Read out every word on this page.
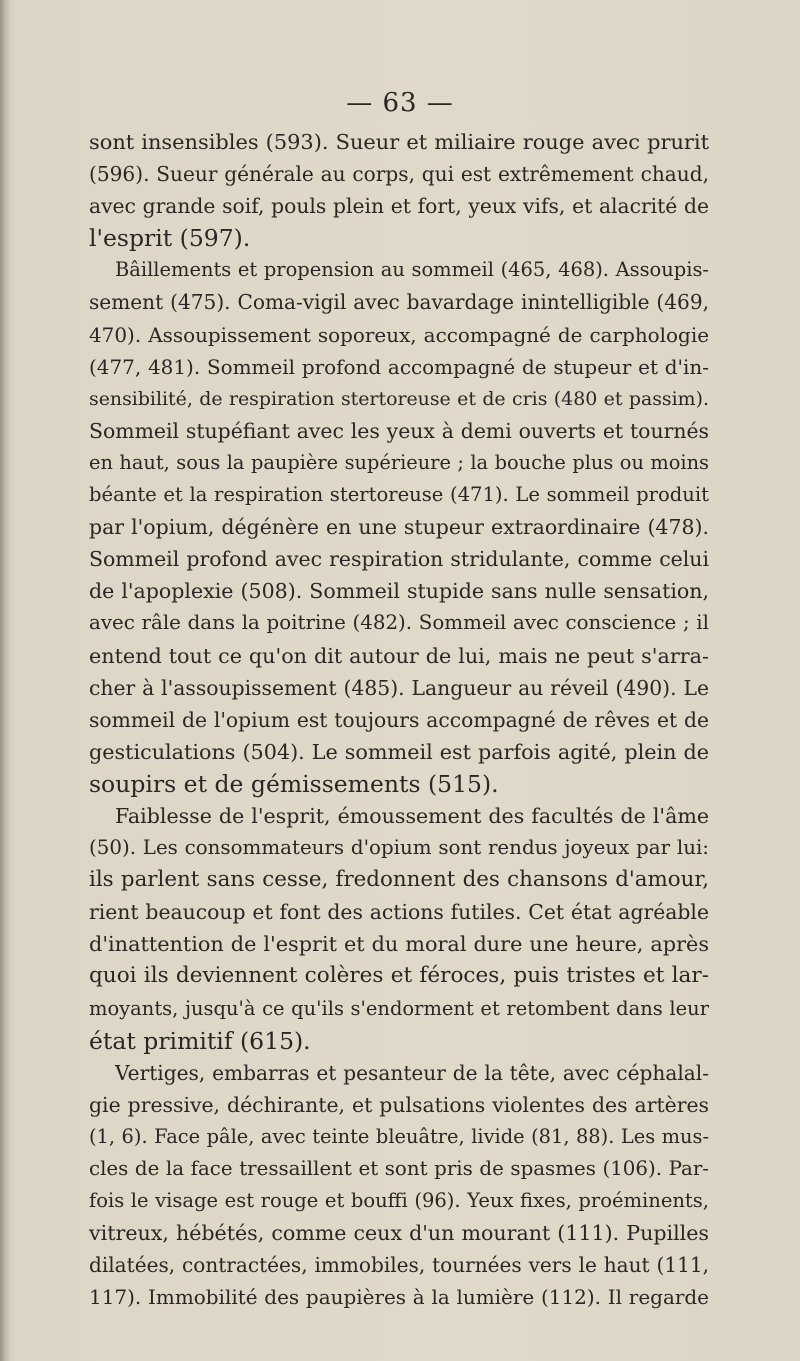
— 63 —
sont insensibles (593). Sueur et miliaire rouge avec prurit
(596). Sueur générale au corps, qui est extrêmement chaud,
avec grande soif, pouls plein et fort, yeux vifs, et alacrité de
l'esprit (597).
Bâillements et propension au sommeil (465, 468). Assoupis-
sement (475). Coma-vigil avec bavardage inintelligible (469,
470). Assoupissement soporeux, accompagné de carphologie
(477, 481). Sommeil profond accompagné de stupeur et d'in-
sensibilité, de respiration stertoreuse et de cris (480 et passim).
Sommeil stupéfiant avec les yeux à demi ouverts et tournés
en haut, sous la paupière supérieure ; la bouche plus ou moins
béante et la respiration stertoreuse (471). Le sommeil produit
par l'opium, dégénère en une stupeur extraordinaire (478).
Sommeil profond avec respiration stridulante, comme celui
de l'apoplexie (508). Sommeil stupide sans nulle sensation,
avec râle dans la poitrine (482). Sommeil avec conscience ; il
entend tout ce qu'on dit autour de lui, mais ne peut s'arra-
cher à l'assoupissement (485). Langueur au réveil (490). Le
sommeil de l'opium est toujours accompagné de rêves et de
gesticulations (504). Le sommeil est parfois agité, plein de
soupirs et de gémissements (515).
Faiblesse de l'esprit, émoussement des facultés de l'âme
(50). Les consommateurs d'opium sont rendus joyeux par lui:
ils parlent sans cesse, fredonnent des chansons d'amour,
rient beaucoup et font des actions futiles. Cet état agréable
d'inattention de l'esprit et du moral dure une heure, après
quoi ils deviennent colères et féroces, puis tristes et lar-
moyants, jusqu'à ce qu'ils s'endorment et retombent dans leur
état primitif (615).
Vertiges, embarras et pesanteur de la tête, avec céphalal-
gie pressive, déchirante, et pulsations violentes des artères
(1, 6). Face pâle, avec teinte bleuâtre, livide (81, 88). Les mus-
cles de la face tressaillent et sont pris de spasmes (106). Par-
fois le visage est rouge et bouffi (96). Yeux fixes, proéminents,
vitreux, hébétés, comme ceux d'un mourant (111). Pupilles
dilatées, contractées, immobiles, tournées vers le haut (111,
117). Immobilité des paupières à la lumière (112). Il regarde
